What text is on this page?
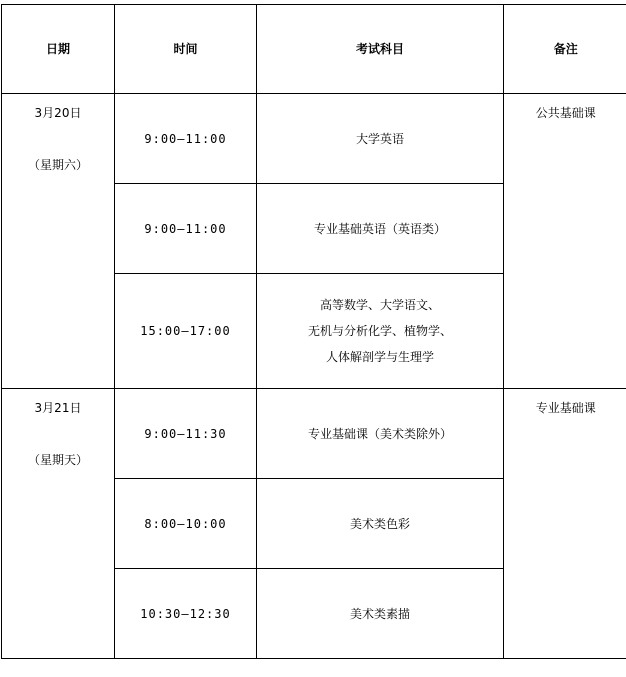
日期	时间	考试科目	备注

3月20日
（星期六）	9:00—11:00	大学英语	公共基础课
	9:00—11:00	专业基础英语（英语类）	

	15:00—17:00	高等数学、大学语文、
无机与分析化学、植物学、
人体解剖学与生理学	

3月21日
（星期天）	9:00—11:30	专业基础课（美术类除外）	专业基础课
	8:00—10:00	美术类色彩	

	10:30—12:30	美术类素描	
